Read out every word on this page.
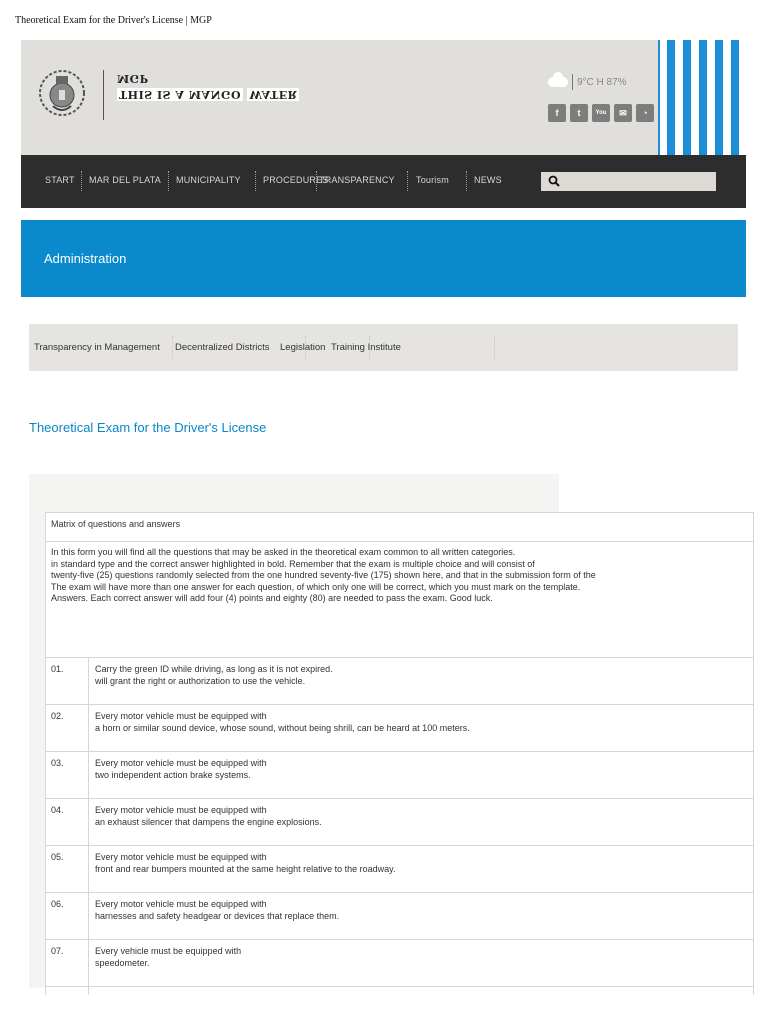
Theoretical Exam for the Driver's License | MGP
MGP
THIS IS A MANGO WATER
9°C H 87%
f	t	You	✉	◔
START MAR DEL PLATA MUNICIPALITY PROCEDURES
TRANSPARENCY Tourism	NEWS
Administration
Transparency in Management Decentralized Districts Legislation Training Institute
Theoretical Exam for the Driver's License
Matrix of questions and answers	

In this form you will find all the questions that may be asked in the theoretical exam common to all written categories.
in standard type and the correct answer highlighted in bold. Remember that the exam is multiple choice and will consist of
twenty-five (25) questions randomly selected from the one hundred seventy-five (175) shown here, and that in the submission form of the
The exam will have more than one answer for each question, of which only one will be correct, which you must mark on the template.
Answers. Each correct answer will add four (4) points and eighty (80) are needed to pass the exam. Good luck.	

01.	Carry the green ID while driving, as long as it is not expired.
will grant the right or authorization to use the vehicle.

02.	Every motor vehicle must be equipped with
a horn or similar sound device, whose sound, without being shrill, can be heard at 100 meters.

03.	Every motor vehicle must be equipped with
two independent action brake systems.

04.	Every motor vehicle must be equipped with
an exhaust silencer that dampens the engine explosions.

05.	Every motor vehicle must be equipped with
front and rear bumpers mounted at the same height relative to the roadway.

06.	Every motor vehicle must be equipped with
harnesses and safety headgear or devices that replace them.

07.	Every vehicle must be equipped with
speedometer.
